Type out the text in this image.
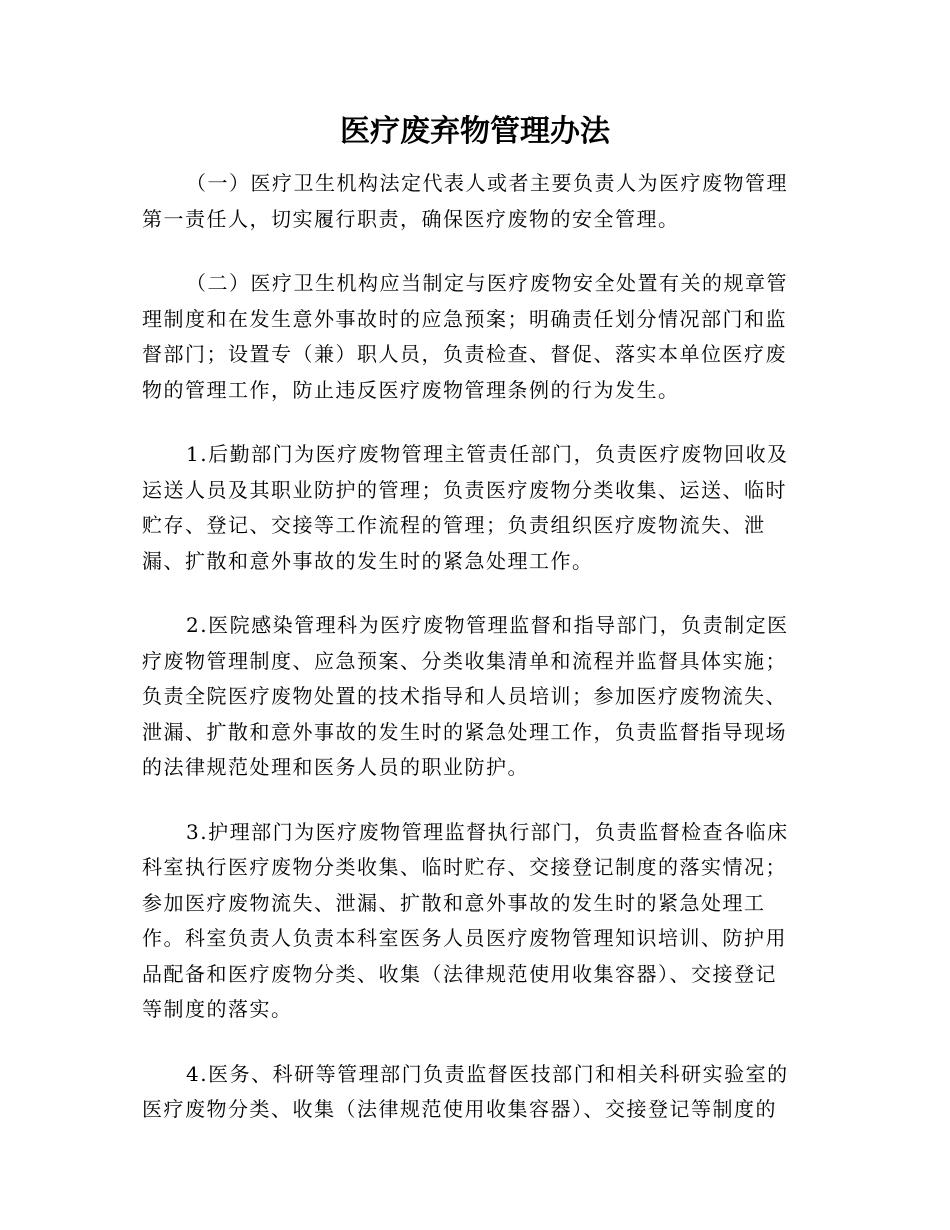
医疗废弃物管理办法

（一）医疗卫生机构法定代表人或者主要负责人为医疗废物管理
第一责任人，切实履行职责，确保医疗废物的安全管理。

（二）医疗卫生机构应当制定与医疗废物安全处置有关的规章管
理制度和在发生意外事故时的应急预案；明确责任划分情况部门和监
督部门；设置专（兼）职人员，负责检查、督促、落实本单位医疗废
物的管理工作，防止违反医疗废物管理条例的行为发生。

1.后勤部门为医疗废物管理主管责任部门，负责医疗废物回收及
运送人员及其职业防护的管理；负责医疗废物分类收集、运送、临时
贮存、登记、交接等工作流程的管理；负责组织医疗废物流失、泄
漏、扩散和意外事故的发生时的紧急处理工作。

2.医院感染管理科为医疗废物管理监督和指导部门，负责制定医
疗废物管理制度、应急预案、分类收集清单和流程并监督具体实施；
负责全院医疗废物处置的技术指导和人员培训；参加医疗废物流失、
泄漏、扩散和意外事故的发生时的紧急处理工作，负责监督指导现场
的法律规范处理和医务人员的职业防护。

3.护理部门为医疗废物管理监督执行部门，负责监督检查各临床
科室执行医疗废物分类收集、临时贮存、交接登记制度的落实情况；
参加医疗废物流失、泄漏、扩散和意外事故的发生时的紧急处理工
作。科室负责人负责本科室医务人员医疗废物管理知识培训、防护用
品配备和医疗废物分类、收集（法律规范使用收集容器）、交接登记
等制度的落实。

4.医务、科研等管理部门负责监督医技部门和相关科研实验室的
医疗废物分类、收集（法律规范使用收集容器）、交接登记等制度的
